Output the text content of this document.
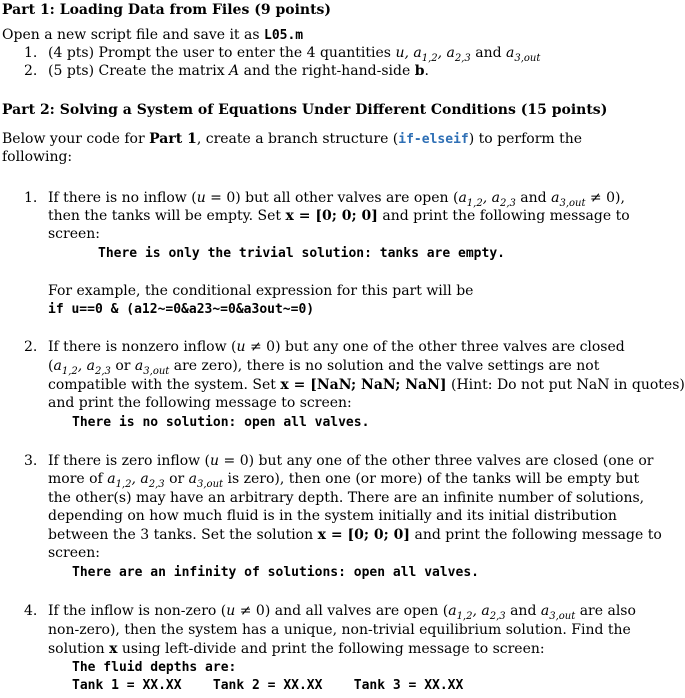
Part 1: Loading Data from Files (9 points)
Open a new script file and save it as L05.m
1. (4 pts) Prompt the user to enter the 4 quantities u, $a_{1,2}$, $a_{2,3}$ and $a_{3,out}$
2. (5 pts) Create the matrix A and the right-hand-side b.
Part 2: Solving a System of Equations Under Different Conditions (15 points)
Below your code for Part 1, create a branch structure (if-elseif) to perform the
following:
1. If there is no inflow (u = 0) but all other valves are open ($a_{1,2}$, $a_{2,3}$ and $a_{3,out} \ne 0$),
then the tanks will be empty. Set x = [0; 0; 0] and print the following message to
screen:
There is only the trivial solution: tanks are empty.
For example, the conditional expression for this part will be
if u==0 & (a12~=0&a23~=0&a3out~=0)
2. If there is nonzero inflow (u ≠ 0) but any one of the other three valves are closed
($a_{1,2}$, $a_{2,3}$ or $a_{3,out}$ are zero), there is no solution and the valve settings are not
compatible with the system. Set x = [NaN; NaN; NaN] (Hint: Do not put NaN in quotes)
and print the following message to screen:
There is no solution: open all valves.
3. If there is zero inflow (u = 0) but any one of the other three valves are closed (one or
more of $a_{1,2}$, $a_{2,3}$ or $a_{3,out}$ is zero), then one (or more) of the tanks will be empty but
the other(s) may have an arbitrary depth. There are an infinite number of solutions,
depending on how much fluid is in the system initially and its initial distribution
between the 3 tanks. Set the solution x = [0; 0; 0] and print the following message to
screen:
There are an infinity of solutions: open all valves.
4. If the inflow is non-zero (u ≠ 0) and all valves are open ($a_{1,2}$, $a_{2,3}$ and $a_{3,out}$ are also
non-zero), then the system has a unique, non-trivial equilibrium solution. Find the
solution x using left-divide and print the following message to screen:
The fluid depths are:
Tank 1 = XX.XX    Tank 2 = XX.XX    Tank 3 = XX.XX
